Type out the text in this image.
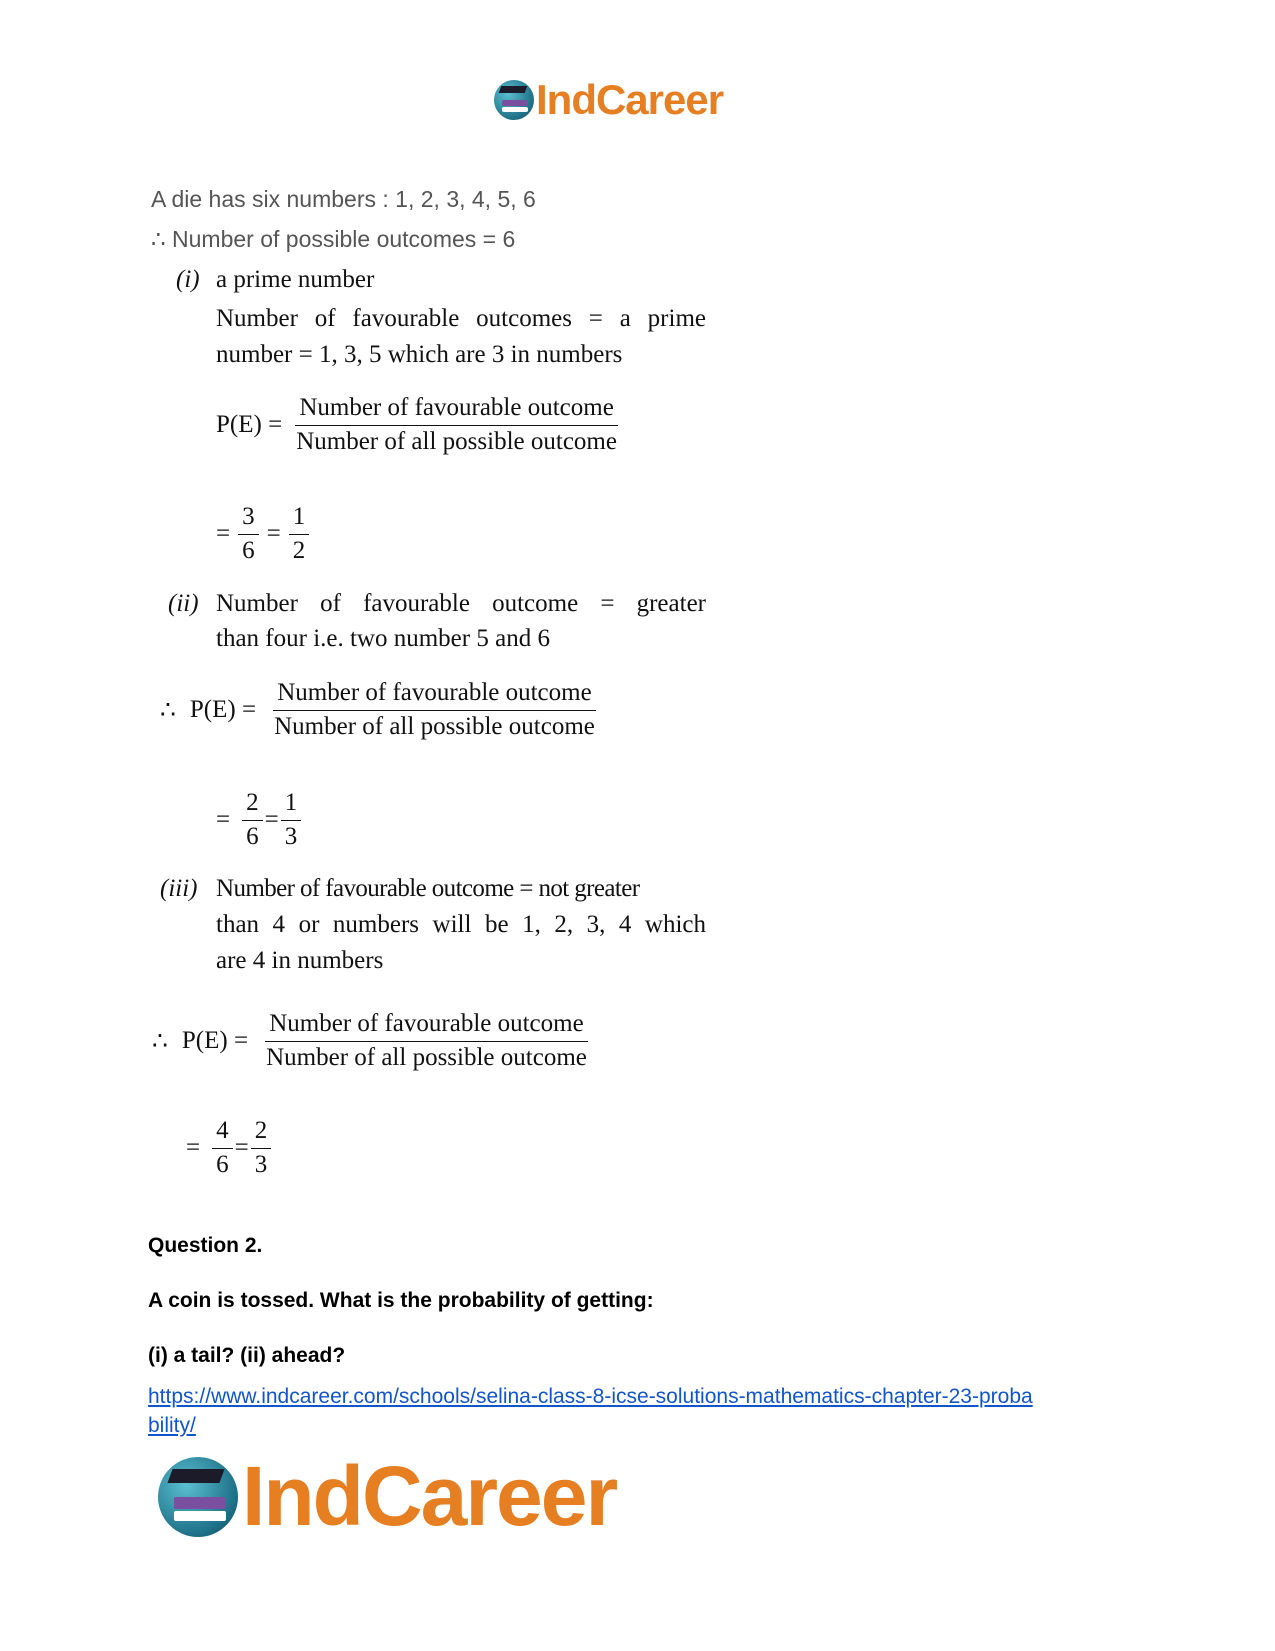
IndCareer
A die has six numbers : 1, 2, 3, 4, 5, 6
∴ Number of possible outcomes = 6
(i) a prime number
Number of favourable outcomes = a prime
number = 1, 3, 5 which are 3 in numbers
$P(E) = \frac{\text{Number of favourable outcome}}{\text{Number of all possible outcome}}$
= $\frac{3}{6} = \frac{1}{2}$
(ii) Number of favourable outcome = greater
than four i.e. two number 5 and 6
∴ $P(E) = \frac{\text{Number of favourable outcome}}{\text{Number of all possible outcome}}$
= $\frac{2}{6} = \frac{1}{3}$
(iii) Number of favourable outcome = not greater
than 4 or numbers will be 1, 2, 3, 4 which
are 4 in numbers
∴ $P(E) = \frac{\text{Number of favourable outcome}}{\text{Number of all possible outcome}}$
= $\frac{4}{6} = \frac{2}{3}$
Question 2.
A coin is tossed. What is the probability of getting:
(i) a tail? (ii) ahead?
https://www.indcareer.com/schools/selina-class-8-icse-solutions-mathematics-chapter-23-proba
bility/
IndCareer
